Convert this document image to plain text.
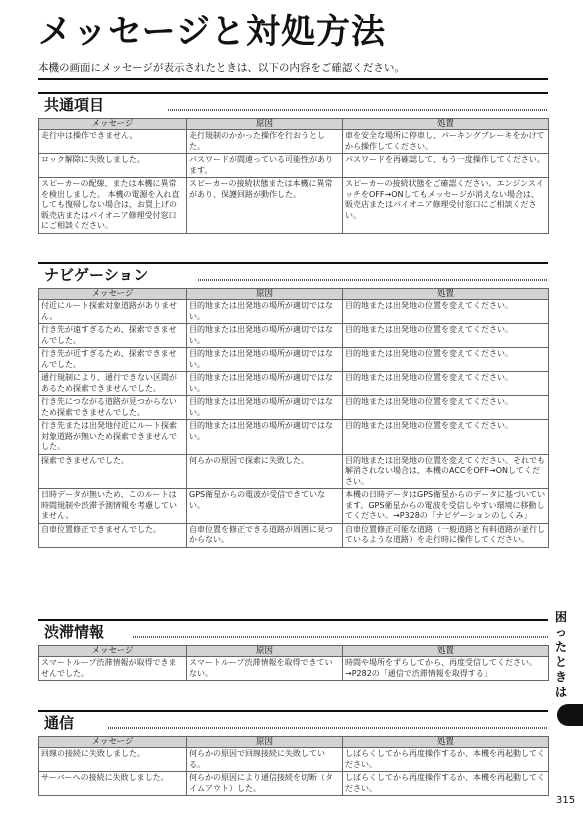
メッセージと対処方法

本機の画面にメッセージが表示されたときは、以下の内容をご確認ください。

共通項目
メッセージ	原因	処置
走行中は操作できません。	走行規制のかかった操作を行おうとした。	車を安全な場所に停車し、パーキングブレーキをかけてから操作してください。
ロック解除に失敗しました。	パスワードが間違っている可能性があります。	パスワードを再確認して、もう一度操作してください。
スピーカーの配線、または本機に異常を検出しました。 本機の電源を入れ直しても復帰しない場合は、お買上げの販売店またはパイオニア修理受付窓口にご相談ください。	スピーカーの接続状態または本機に異常があり、保護回路が動作した。	スピーカーの接続状態をご確認ください。エンジンスイッチをOFF→ONしてもメッセージが消えない場合は、販売店またはパイオニア修理受付窓口にご相談ください。
ナビゲーション
メッセージ	原因	処置
付近にルート探索対象道路がありません。	目的地または出発地の場所が適切ではない。	目的地または出発地の位置を変えてください。
行き先が遠すぎるため、探索できませんでした。	目的地または出発地の場所が適切ではない。	目的地または出発地の位置を変えてください。
行き先が近すぎるため、探索できませんでした。	目的地または出発地の場所が適切ではない。	目的地または出発地の位置を変えてください。
通行規制により、通行できない区間があるため探索できませんでした。	目的地または出発地の場所が適切ではない。	目的地または出発地の位置を変えてください。
行き先につながる道路が見つからないため探索できませんでした。	目的地または出発地の場所が適切ではない。	目的地または出発地の位置を変えてください。
行き先または出発地付近にルート探索対象道路が無いため探索できませんでした。	目的地または出発地の場所が適切ではない。	目的地または出発地の位置を変えてください。
探索できませんでした。	何らかの原因で探索に失敗した。	目的地または出発地の位置を変えてください。それでも解消されない場合は、本機のACCをOFF→ONしてください。
日時データが無いため、このルートは時間規制や渋滞予測情報を考慮していません。	GPS衛星からの電波が受信できていない。	本機の日時データはGPS衛星からのデータに基づいています。GPS衛星からの電波を受信しやすい環境に移動してください。→P328の「ナビゲーションのしくみ」
自車位置修正できませんでした。	自車位置を修正できる道路が周囲に見つからない。	自車位置修正可能な道路（一般道路と有料道路が並行しているような道路）を走行時に操作してください。
渋滞情報
メッセージ	原因	処置
スマートループ渋滞情報が取得できませんでした。	スマートループ渋滞情報を取得できていない。	時間や場所をずらしてから、再度受信してください。→P282の「通信で渋滞情報を取得する」
通信
メッセージ	原因	処置
回線の接続に失敗しました。	何らかの原因で回線接続に失敗している。	しばらくしてから再度操作するか、本機を再起動してください。
サーバーへの接続に失敗しました。	何らかの原因により通信接続を切断（タイムアウト）した。	しばらくしてから再度操作するか、本機を再起動してください。
困ったときは
315
